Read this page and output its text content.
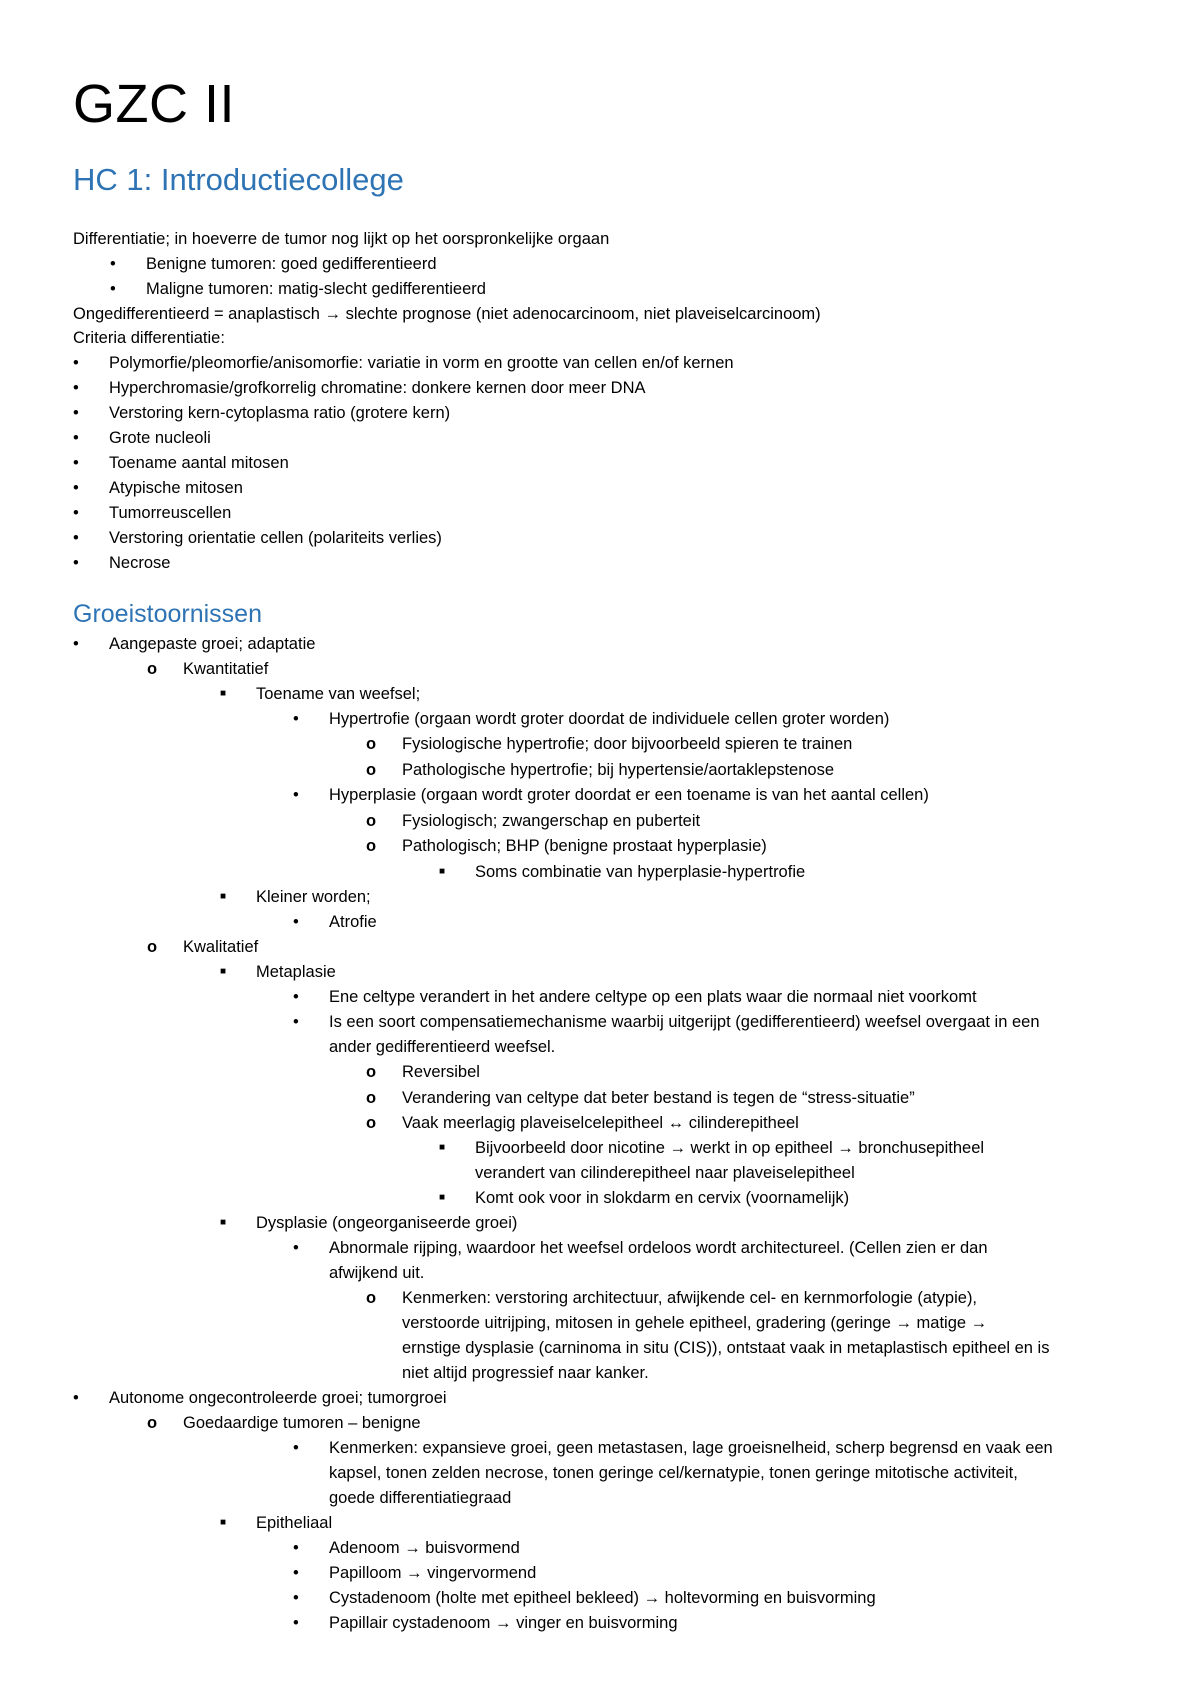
GZC II
HC 1: Introductiecollege
Groeistoornissen
Differentiatie; in hoeverre de tumor nog lijkt op het oorspronkelijke orgaan
• Benigne tumoren: goed gedifferentieerd
• Maligne tumoren: matig-slecht gedifferentieerd
Ongedifferentieerd = anaplastisch → slechte prognose (niet adenocarcinoom, niet plaveiselcarcinoom)
Criteria differentiatie:
• Polymorfie/pleomorfie/anisomorfie: variatie in vorm en grootte van cellen en/of kernen
• Hyperchromasie/grofkorrelig chromatine: donkere kernen door meer DNA
• Verstoring kern-cytoplasma ratio (grotere kern)
• Grote nucleoli
• Toename aantal mitosen
• Atypische mitosen
• Tumorreuscellen
• Verstoring orientatie cellen (polariteits verlies)
• Necrose
• Aangepaste groei; adaptatie
o Kwantitatief
■ Toename van weefsel;
• Hypertrofie (orgaan wordt groter doordat de individuele cellen groter worden)
o Fysiologische hypertrofie; door bijvoorbeeld spieren te trainen
o Pathologische hypertrofie; bij hypertensie/aortaklepstenose
• Hyperplasie (orgaan wordt groter doordat er een toename is van het aantal cellen)
o Fysiologisch; zwangerschap en puberteit
o Pathologisch; BHP (benigne prostaat hyperplasie)
■ Soms combinatie van hyperplasie-hypertrofie
■ Kleiner worden;
• Atrofie
o Kwalitatief
■ Metaplasie
• Ene celtype verandert in het andere celtype op een plats waar die normaal niet voorkomt
• Is een soort compensatiemechanisme waarbij uitgerijpt (gedifferentieerd) weefsel overgaat in een
ander gedifferentieerd weefsel.
o Reversibel
o Verandering van celtype dat beter bestand is tegen de “stress-situatie”
o Vaak meerlagig plaveiselcelepitheel ↔ cilinderepitheel
■ Bijvoorbeeld door nicotine → werkt in op epitheel → bronchusepitheel
verandert van cilinderepitheel naar plaveiselepitheel
■ Komt ook voor in slokdarm en cervix (voornamelijk)
■ Dysplasie (ongeorganiseerde groei)
• Abnormale rijping, waardoor het weefsel ordeloos wordt architectureel. (Cellen zien er dan
afwijkend uit.
o Kenmerken: verstoring architectuur, afwijkende cel- en kernmorfologie (atypie),
verstoorde uitrijping, mitosen in gehele epitheel, gradering (geringe → matige →
ernstige dysplasie (carninoma in situ (CIS)), ontstaat vaak in metaplastisch epitheel en is
niet altijd progressief naar kanker.
• Autonome ongecontroleerde groei; tumorgroei
o Goedaardige tumoren – benigne
• Kenmerken: expansieve groei, geen metastasen, lage groeisnelheid, scherp begrensd en vaak een
kapsel, tonen zelden necrose, tonen geringe cel/kernatypie, tonen geringe mitotische activiteit,
goede differentiatiegraad
■ Epitheliaal
• Adenoom → buisvormend
• Papilloom → vingervormend
• Cystadenoom (holte met epitheel bekleed) → holtevorming en buisvorming
• Papillair cystadenoom → vinger en buisvorming
